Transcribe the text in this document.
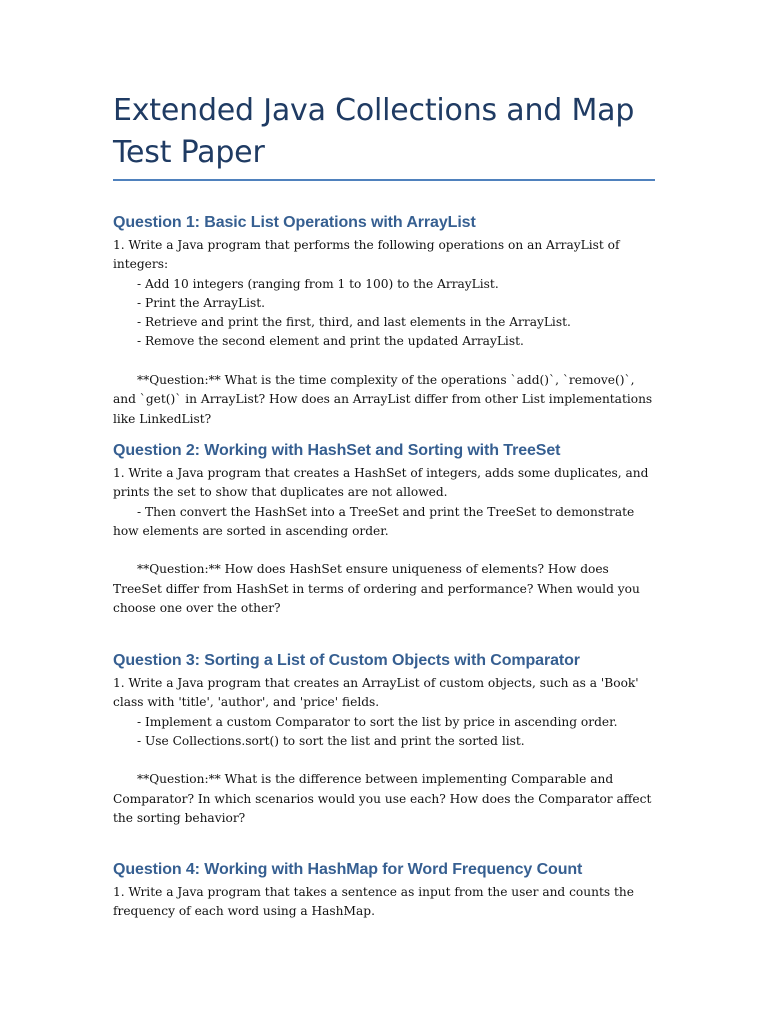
Extended Java Collections and Map Test Paper
Question 1: Basic List Operations with ArrayList

1. Write a Java program that performs the following operations on an ArrayList of integers:

- Add 10 integers (ranging from 1 to 100) to the ArrayList.

- Print the ArrayList.

- Retrieve and print the first, third, and last elements in the ArrayList.

- Remove the second element and print the updated ArrayList.

**Question:** What is the time complexity of the operations `add()`, `remove()`, and `get()` in ArrayList? How does an ArrayList differ from other List implementations like LinkedList?

Question 2: Working with HashSet and Sorting with TreeSet

1. Write a Java program that creates a HashSet of integers, adds some duplicates, and prints the set to show that duplicates are not allowed.

- Then convert the HashSet into a TreeSet and print the TreeSet to demonstrate how elements are sorted in ascending order.

**Question:** How does HashSet ensure uniqueness of elements? How does TreeSet differ from HashSet in terms of ordering and performance? When would you choose one over the other?

Question 3: Sorting a List of Custom Objects with Comparator

1. Write a Java program that creates an ArrayList of custom objects, such as a 'Book' class with 'title', 'author', and 'price' fields.

- Implement a custom Comparator to sort the list by price in ascending order.

- Use Collections.sort() to sort the list and print the sorted list.

**Question:** What is the difference between implementing Comparable and Comparator? In which scenarios would you use each? How does the Comparator affect the sorting behavior?

Question 4: Working with HashMap for Word Frequency Count

1. Write a Java program that takes a sentence as input from the user and counts the frequency of each word using a HashMap.
